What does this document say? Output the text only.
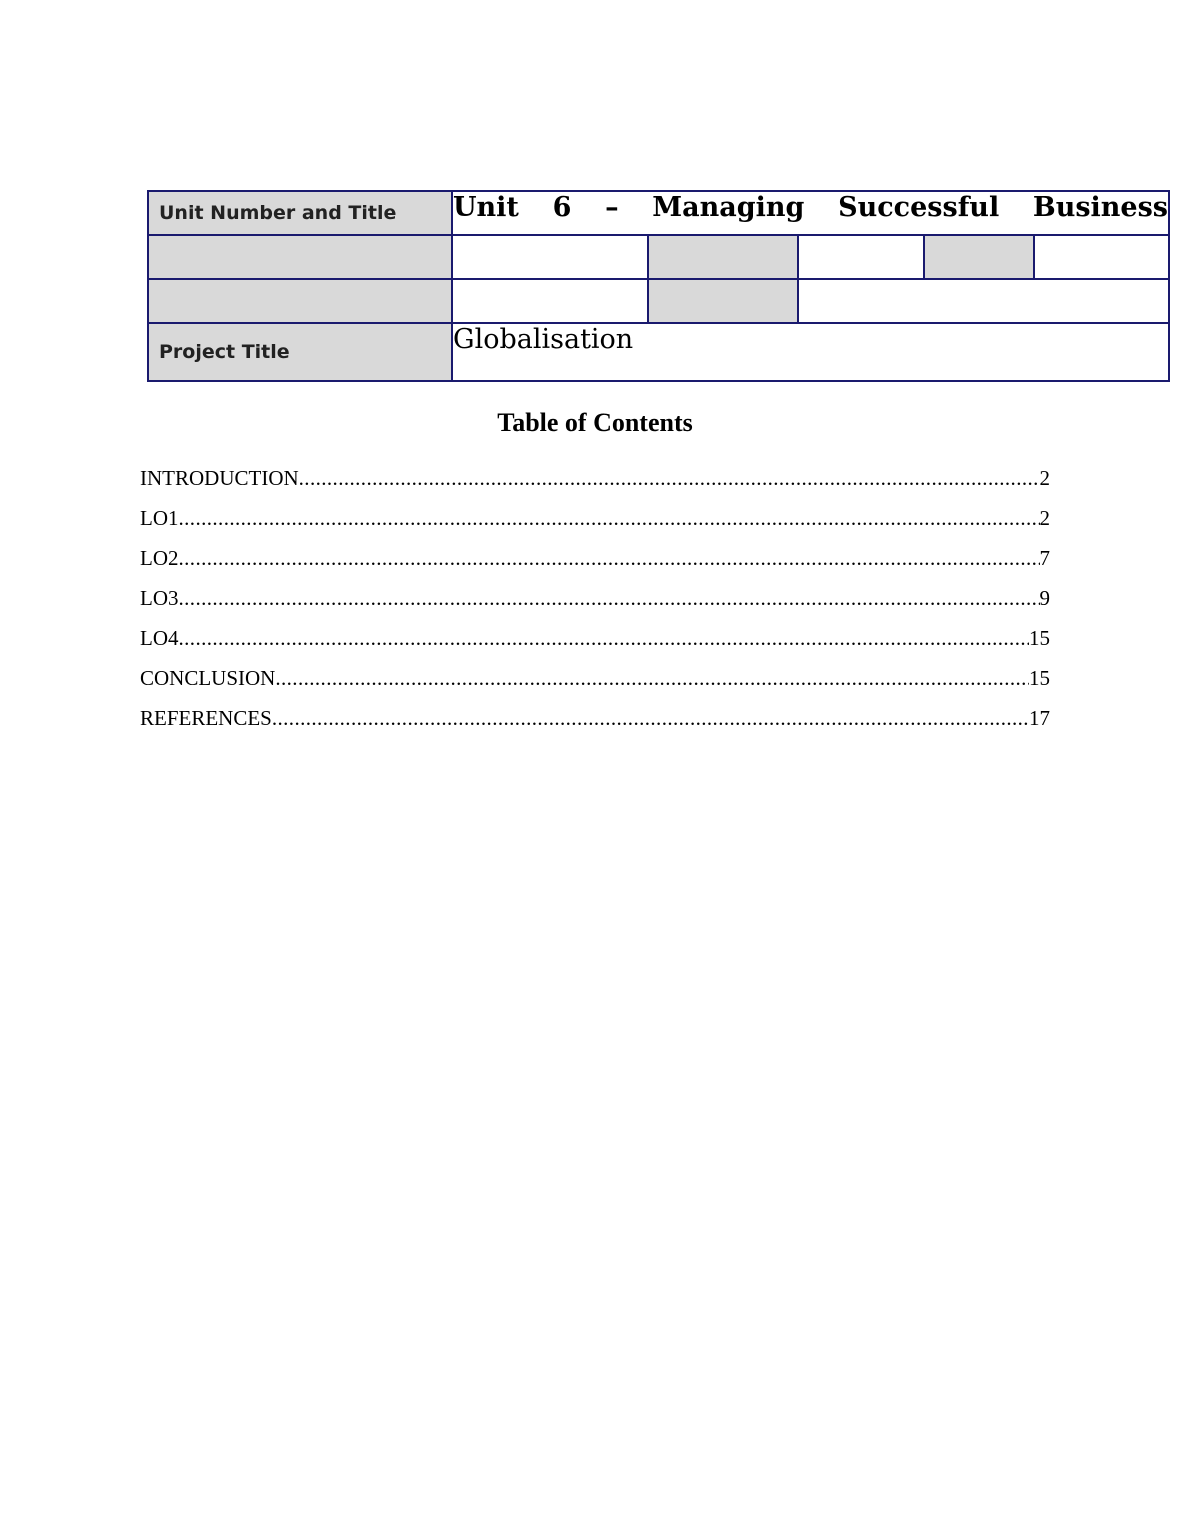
Unit Number and Title	Unit 6 – Managing Successful Business				

Project Title	Globalisation				
Table of Contents
INTRODUCTION .....	2
LO1 .....	2
LO2 .....	7
LO3 .....	9
LO4 .....	15
CONCLUSION .....	15
REFERENCES .....	17
